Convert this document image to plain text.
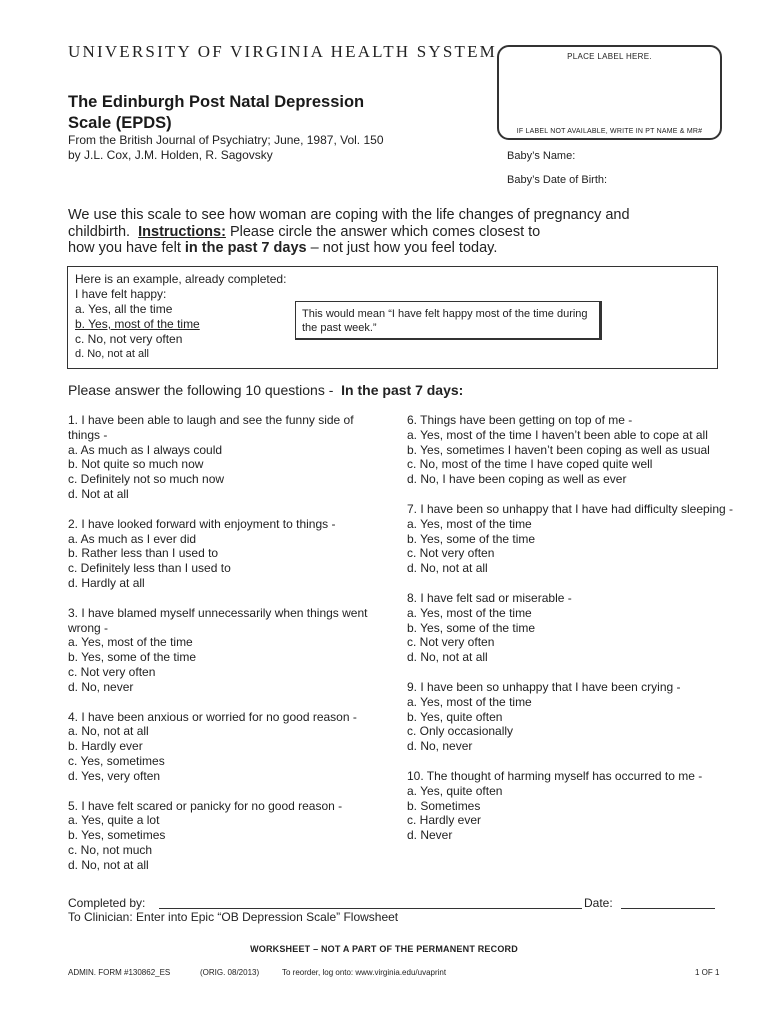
UNIVERSITY OF VIRGINIA HEALTH SYSTEM	PLACE LABEL HERE.
IF LABEL NOT AVAILABLE, WRITE IN PT NAME & MR#
The Edinburgh Post Natal Depression Scale (EPDS)
From the British Journal of Psychiatry; June, 1987, Vol. 150
by J.L. Cox, J.M. Holden, R. Sagovsky	Baby’s Name:
Baby’s Date of Birth:
We use this scale to see how woman are coping with the life changes of pregnancy and childbirth. Instructions: Please circle the answer which comes closest to
how you have felt in the past 7 days – not just how you feel today.
Here is an example, already completed:
I have felt happy:
a. Yes, all the time
b. Yes, most of the time
c. No, not very often
d. No, not at all
This would mean “I have felt happy most of the time during the past week.”
Please answer the following 10 questions - In the past 7 days:
1. I have been able to laugh and see the funny side of things -
a. As much as I always could
b. Not quite so much now
c. Definitely not so much now
d. Not at all
2. I have looked forward with enjoyment to things -
a. As much as I ever did
b. Rather less than I used to
c. Definitely less than I used to
d. Hardly at all
3. I have blamed myself unnecessarily when things went wrong -
a. Yes, most of the time
b. Yes, some of the time
c. Not very often
d. No, never
4. I have been anxious or worried for no good reason -
a. No, not at all
b. Hardly ever
c. Yes, sometimes
d. Yes, very often
5. I have felt scared or panicky for no good reason -
a. Yes, quite a lot
b. Yes, sometimes
c. No, not much
d. No, not at all
6. Things have been getting on top of me -
a. Yes, most of the time I haven’t been able to cope at all
b. Yes, sometimes I haven’t been coping as well as usual
c. No, most of the time I have coped quite well
d. No, I have been coping as well as ever
7. I have been so unhappy that I have had difficulty sleeping -
a. Yes, most of the time
b. Yes, some of the time
c. Not very often
d. No, not at all
8. I have felt sad or miserable -
a. Yes, most of the time
b. Yes, some of the time
c. Not very often
d. No, not at all
9. I have been so unhappy that I have been crying -
a. Yes, most of the time
b. Yes, quite often
c. Only occasionally
d. No, never
10. The thought of harming myself has occurred to me -
a. Yes, quite often
b. Sometimes
c. Hardly ever
d. Never
Completed by:	Date:
To Clinician: Enter into Epic “OB Depression Scale” Flowsheet
WORKSHEET – NOT A PART OF THE PERMANENT RECORD
ADMIN. FORM #130862_ES	(ORIG. 08/2013)	To reorder, log onto: www.virginia.edu/uvaprint	1 OF 1
